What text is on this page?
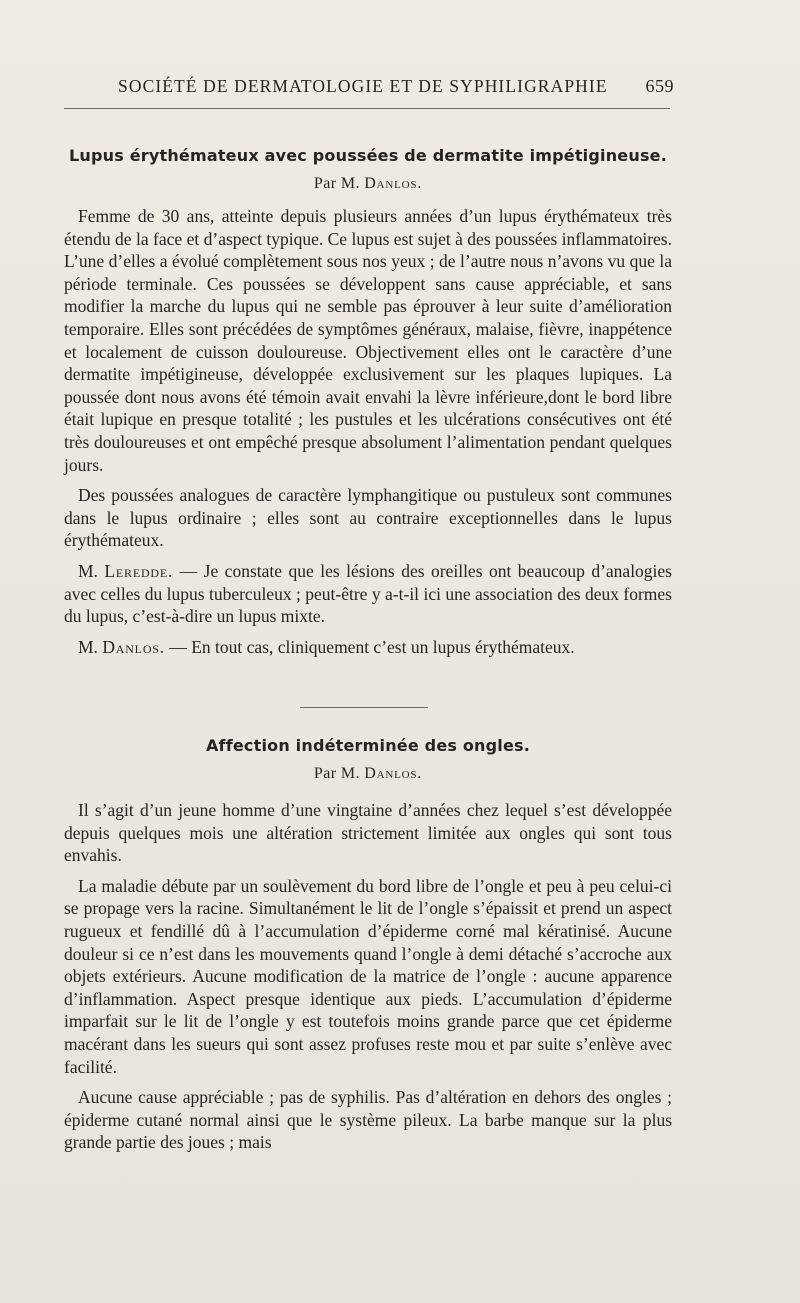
SOCIÉTÉ DE DERMATOLOGIE ET DE SYPHILIGRAPHIE 659
Lupus érythémateux avec poussées de dermatite impétigineuse.
Par M. Danlos.

Femme de 30 ans, atteinte depuis plusieurs années d’un lupus érythémateux très étendu de la face et d’aspect typique. Ce lupus est sujet à des poussées inflammatoires. L’une d’elles a évolué complètement sous nos yeux ; de l’autre nous n’avons vu que la période terminale. Ces poussées se développent sans cause appréciable, et sans modifier la marche du lupus qui ne semble pas éprouver à leur suite d’amélioration temporaire. Elles sont précédées de symptômes généraux, malaise, fièvre, inappétence et localement de cuisson douloureuse. Objectivement elles ont le caractère d’une dermatite impétigineuse, développée exclusivement sur les plaques lupiques. La poussée dont nous avons été témoin avait envahi la lèvre inférieure,dont le bord libre était lupique en presque totalité ; les pustules et les ulcérations consécutives ont été très douloureuses et ont empêché presque absolument l’alimentation pendant quelques jours.

Des poussées analogues de caractère lymphangitique ou pustuleux sont communes dans le lupus ordinaire ; elles sont au contraire exceptionnelles dans le lupus érythémateux.

M. Leredde. — Je constate que les lésions des oreilles ont beaucoup d’analogies avec celles du lupus tuberculeux ; peut-être y a-t-il ici une association des deux formes du lupus, c’est-à-dire un lupus mixte.

M. Danlos. — En tout cas, cliniquement c’est un lupus érythémateux.

Affection indéterminée des ongles.
Par M. Danlos.

Il s’agit d’un jeune homme d’une vingtaine d’années chez lequel s’est développée depuis quelques mois une altération strictement limitée aux ongles qui sont tous envahis.

La maladie débute par un soulèvement du bord libre de l’ongle et peu à peu celui-ci se propage vers la racine. Simultanément le lit de l’ongle s’épaissit et prend un aspect rugueux et fendillé dû à l’accumulation d’épiderme corné mal kératinisé. Aucune douleur si ce n’est dans les mouvements quand l’ongle à demi détaché s’accroche aux objets extérieurs. Aucune modification de la matrice de l’ongle : aucune apparence d’inflammation. Aspect presque identique aux pieds. L’accumulation d’épiderme imparfait sur le lit de l’ongle y est toutefois moins grande parce que cet épiderme macérant dans les sueurs qui sont assez profuses reste mou et par suite s’enlève avec facilité.

Aucune cause appréciable ; pas de syphilis. Pas d’altération en dehors des ongles ; épiderme cutané normal ainsi que le système pileux. La barbe manque sur la plus grande partie des joues ; mais
